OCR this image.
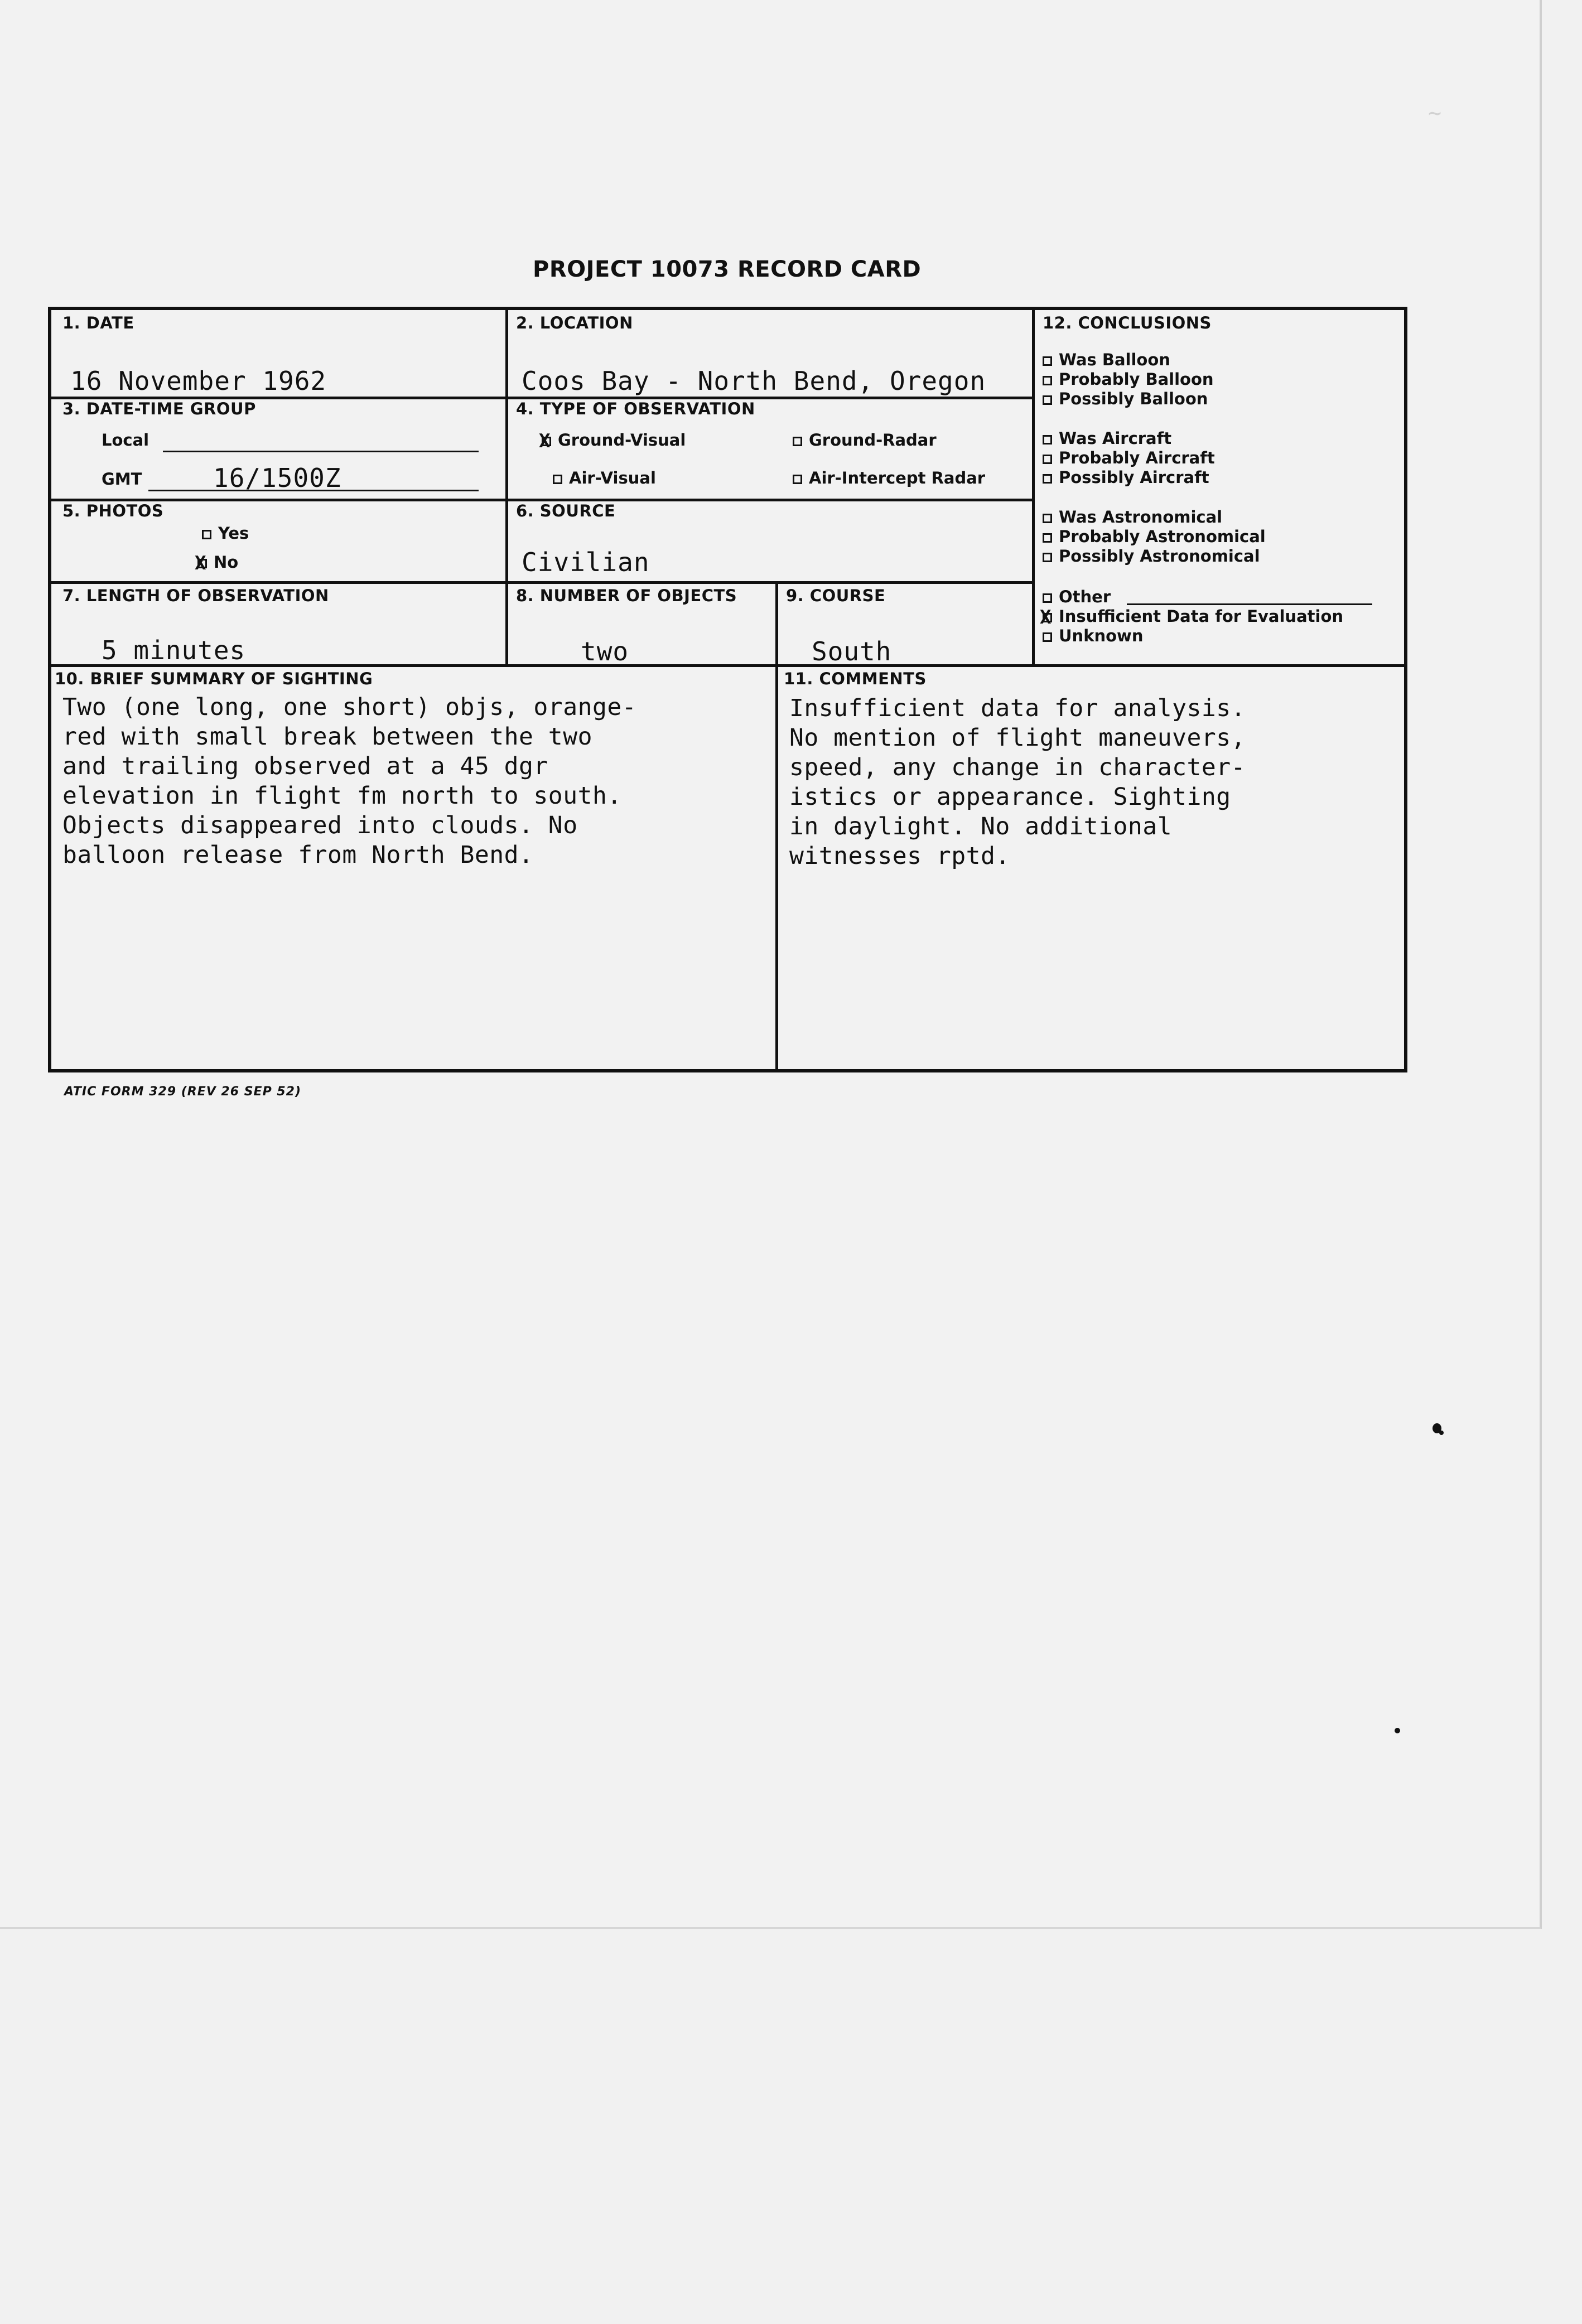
~
PROJECT 10073 RECORD CARD
1. DATE
16 November 1962
2. LOCATION
Coos Bay - North Bend, Oregon
3. DATE-TIME GROUP
Local
GMT	16/1500Z
4. TYPE OF OBSERVATION
XGround-Visual	Ground-Radar
Air-Visual	Air-Intercept Radar
5. PHOTOS
Yes
XNo
6. SOURCE
Civilian
7. LENGTH OF OBSERVATION
5 minutes
8. NUMBER OF OBJECTS
two
9. COURSE
South
12. CONCLUSIONS
Was Balloon
Probably Balloon
Possibly Balloon
Was Aircraft
Probably Aircraft
Possibly Aircraft
Was Astronomical
Probably Astronomical
Possibly Astronomical
Other
XInsufficient Data for Evaluation
Unknown
10. BRIEF SUMMARY OF SIGHTING
Two (one long, one short) objs, orange-
red with small break between the two
and trailing observed at a 45 dgr
elevation in flight fm north to south.
Objects disappeared into clouds. No
balloon release from North Bend.
11. COMMENTS
Insufficient data for analysis.
No mention of flight maneuvers,
speed, any change in character-
istics or appearance. Sighting
in daylight. No additional
witnesses rptd.
ATIC FORM 329 (REV 26 SEP 52)
